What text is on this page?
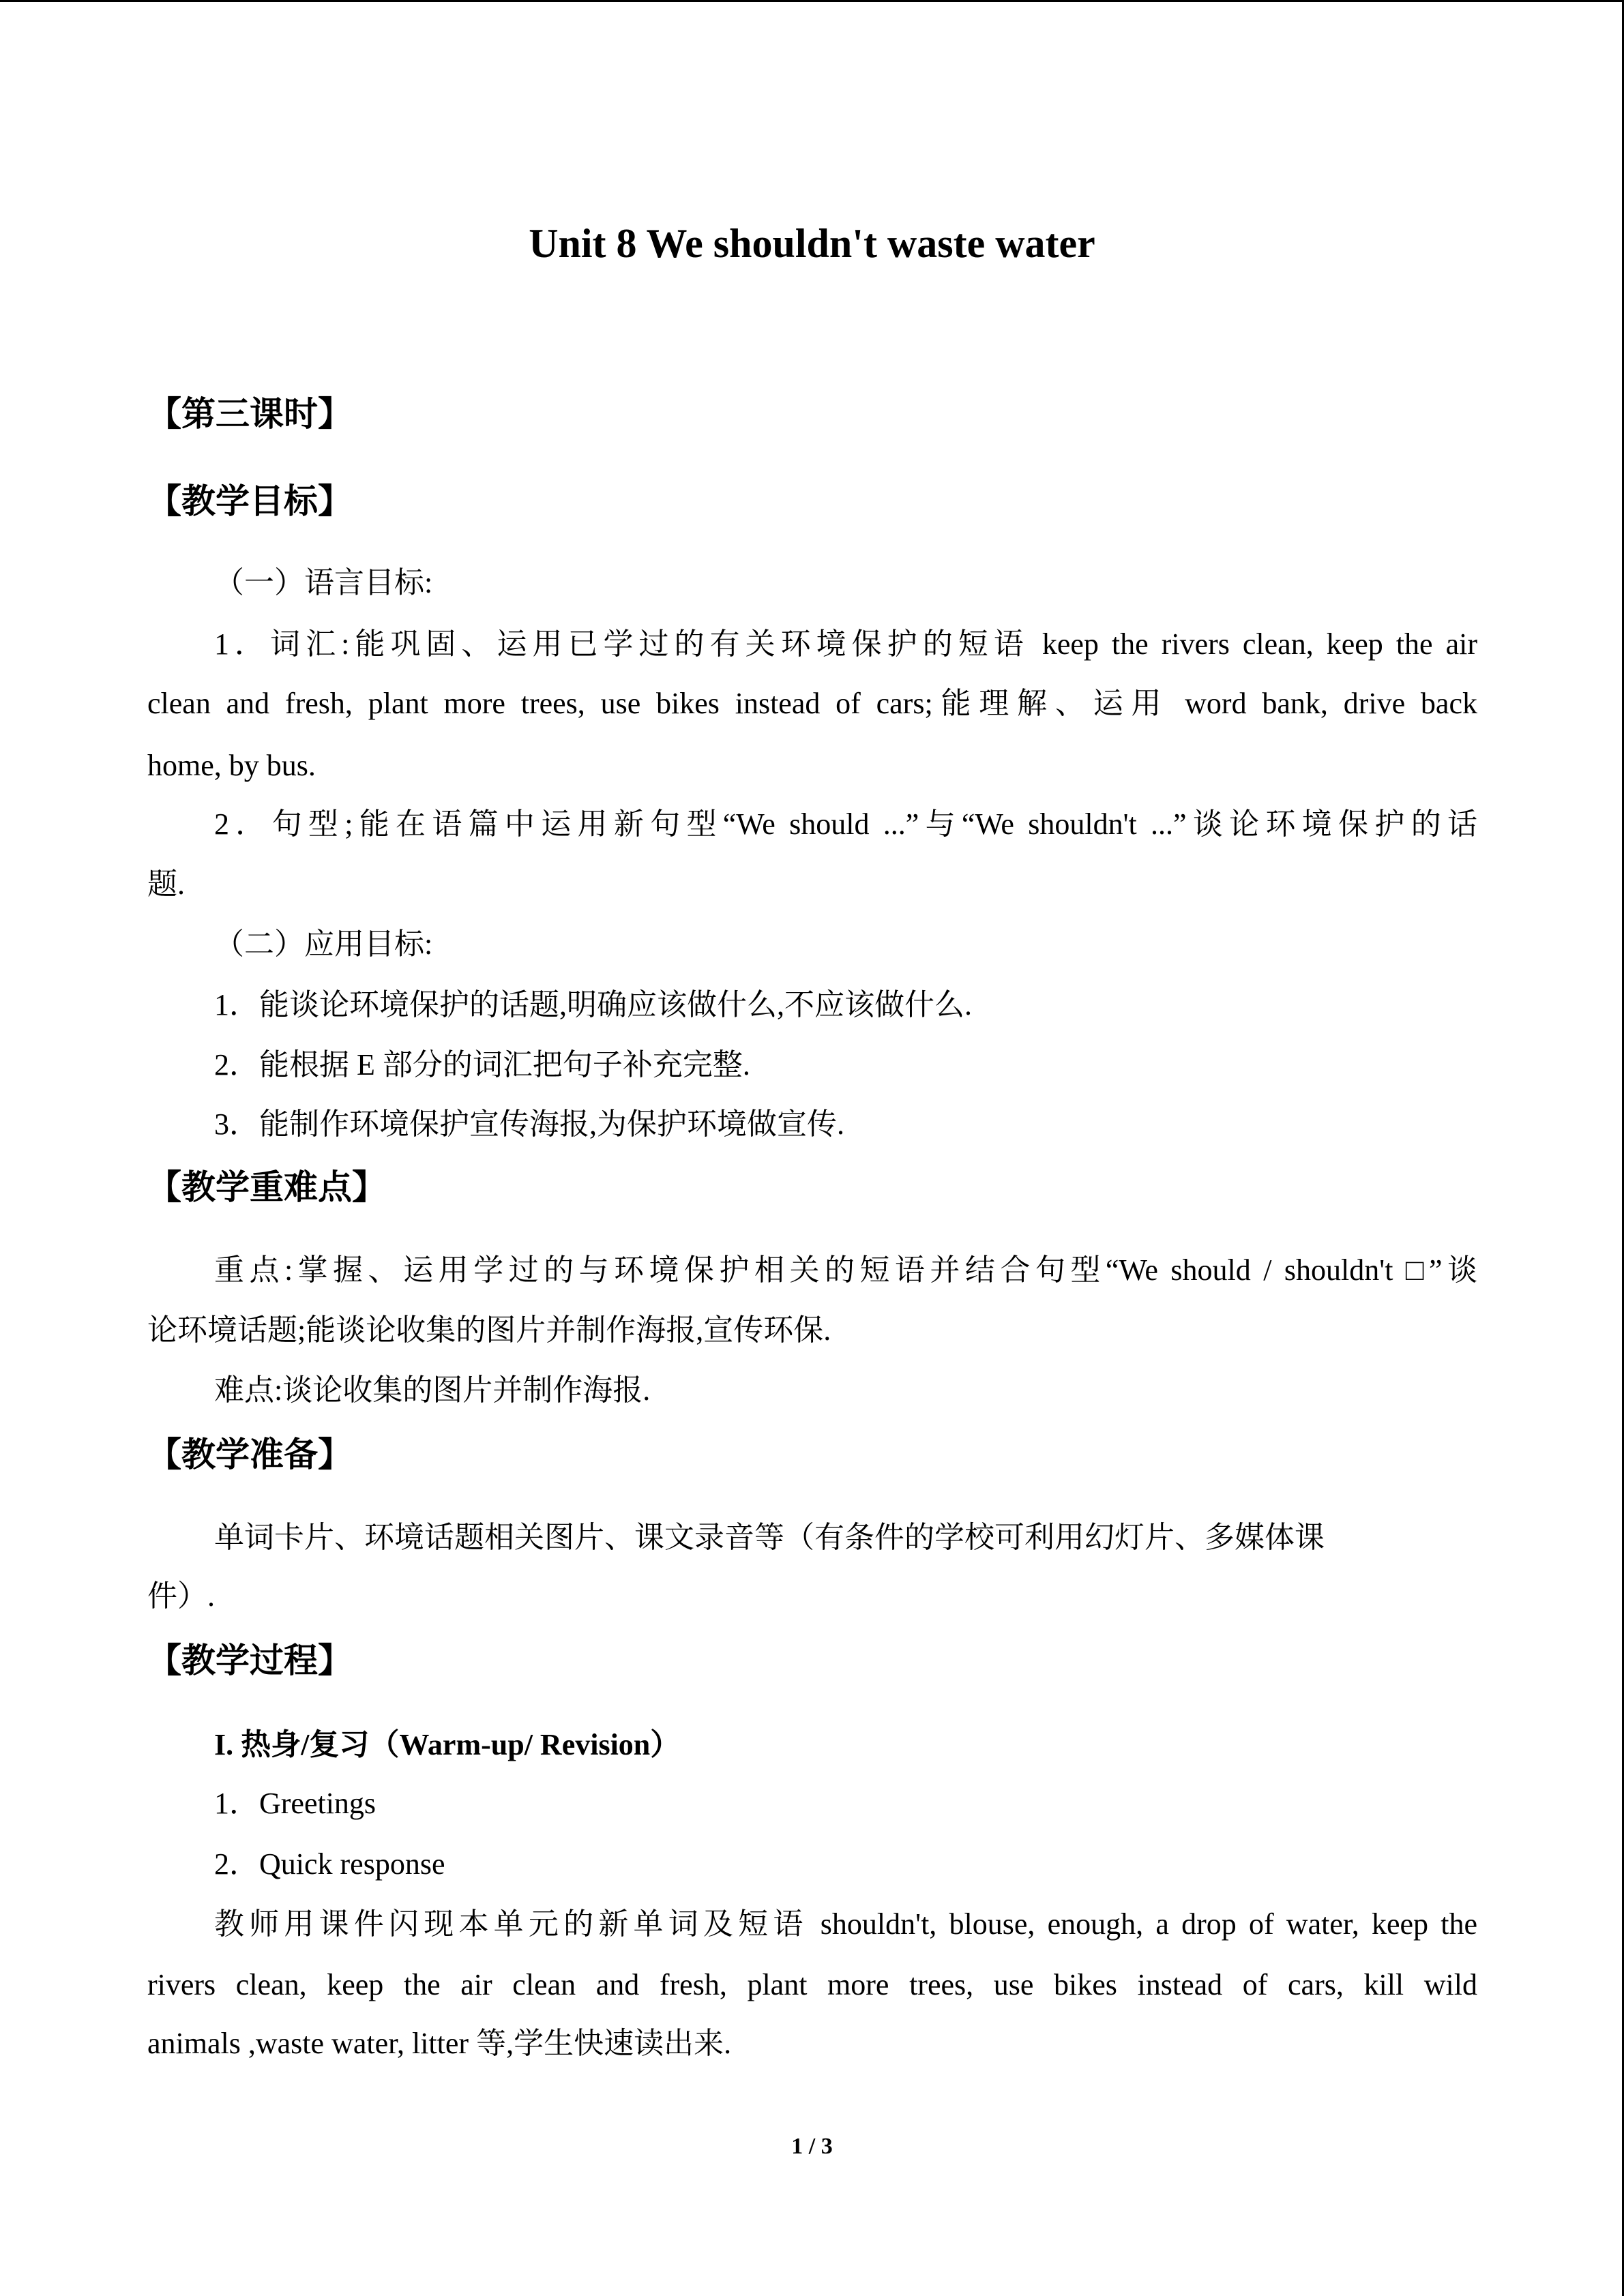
Unit 8 We shouldn't waste water
【第三课时】
【教学目标】
（一）语言目标:
1．词汇:能巩固、运用已学过的有关环境保护的短语 keep the rivers clean, keep the air
clean and fresh, plant more trees, use bikes instead of cars;能理解、运用 word bank, drive back
home, by bus.
2．句型;能在语篇中运用新句型“We should ...”与“We shouldn't ...”谈论环境保护的话
题.
（二）应用目标:
1．能谈论环境保护的话题,明确应该做什么,不应该做什么.
2．能根据 E 部分的词汇把句子补充完整.
3．能制作环境保护宣传海报,为保护环境做宣传.
【教学重难点】
重点:掌握、运用学过的与环境保护相关的短语并结合句型“We should / shouldn't □”谈
论环境话题;能谈论收集的图片并制作海报,宣传环保.
难点:谈论收集的图片并制作海报.
【教学准备】
单词卡片、环境话题相关图片、课文录音等（有条件的学校可利用幻灯片、多媒体课
件）.
【教学过程】
I. 热身/复习（Warm-up/ Revision）
1．Greetings
2．Quick response
教师用课件闪现本单元的新单词及短语 shouldn't, blouse, enough, a drop of water, keep the
rivers clean, keep the air clean and fresh, plant more trees, use bikes instead of cars, kill wild
animals ,waste water, litter 等,学生快速读出来.
1 / 3
